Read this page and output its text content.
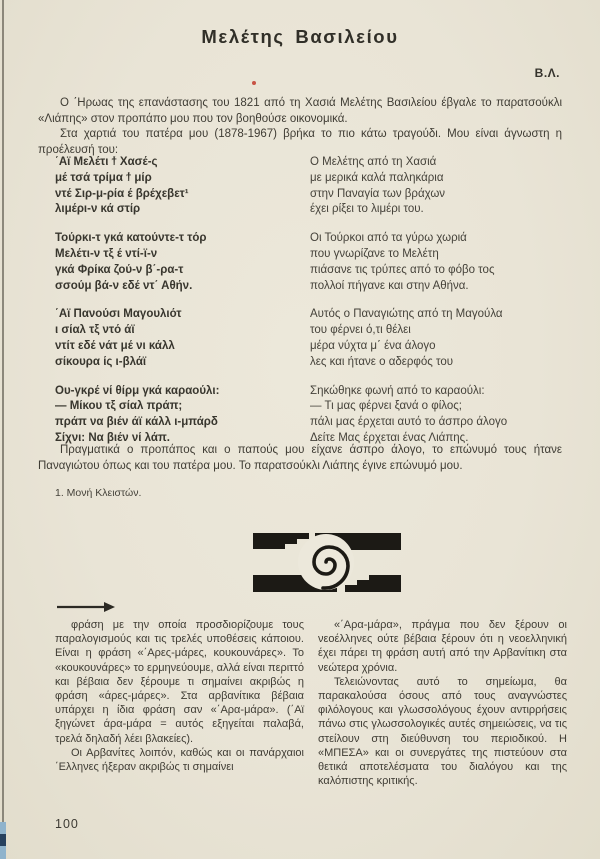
Μελέτης Βασιλείου
Β.Λ.

Ο ΄Ηρωας της επανάστασης του 1821 από τη Χασιά Μελέτης Βασιλείου έβγαλε το παρατσούκλι «Λιάπης» στον προπάπο μου που τον βοηθούσε οικονομικά.

Στα χαρτιά του πατέρα μου (1878-1967) βρήκα το πιο κάτω τραγούδι. Μου είναι άγνωστη η προέλευσή του:

΄Αϊ Μελέτι ϯ Χασέ-ς
μέ τσά τρίμα ϯ μίρ
ντέ Σιρ-μ-ρία έ βρέχεβετ¹
λιμέρι-ν κά στίρ
Τούρκι-τ γκά κατούντε-τ τόρ
Μελέτι-ν τξ έ ντί-ϊ-ν
γκά Φρίκα ζού-ν β΄-ρα-τ
σσούμ βά-ν εδέ ντ΄ Αθήν.
΄Αϊ Πανούσι Μαγουλιότ
ι σίαλ τξ ντό άϊ
ντίτ εδέ νάτ μέ νι κάλλ
σίκουρα ίς ι-βλάϊ
Ου-γκρέ νί θίρμ γκά καραούλι:
— Μίκου τξ σίαλ πράπ;
πράπ να βιέν άϊ κάλλ ι-μπάρδ
Σίχνι: Να βιέν νί λάπ.
Ο Μελέτης από τη Χασιά
με μερικά καλά παληκάρια
στην Παναγία των βράχων
έχει ρίξει το λιμέρι του.
Οι Τούρκοι από τα γύρω χωριά
που γνωρίζανε το Μελέτη
πιάσανε τις τρύπες από το φόβο τος
πολλοί πήγανε και στην Αθήνα.
Αυτός ο Παναγιώτης από τη Μαγούλα
του φέρνει ό,τι θέλει
μέρα νύχτα μ΄ ένα άλογο
λες και ήτανε ο αδερφός του
Σηκώθηκε φωνή από το καραούλι:
— Τι μας φέρνει ξανά ο φίλος;
πάλι μας έρχεται αυτό το άσπρο άλογο
Δείτε Μας έρχεται ένας Λιάπης.

Πραγματικά ο προπάπος και ο παπούς μου είχανε άσπρο άλογο, το επώνυμό τους ήτανε Παναγιώτου όπως και του πατέρα μου. Το παρατσούκλι Λιάπης έγινε επώνυμό μου.

1. Μονή Κλειστών.

φράση με την οποία προσδιορίζουμε τους παραλογισμούς και τις τρελές υποθέσεις κάποιου. Είναι η φράση «΄Αρες-μάρες, κουκουνάρες». Το «κουκουνάρες» το ερμηνεύουμε, αλλά είναι περιττό και βέβαια δεν ξέρουμε τι σημαίνει ακριβώς η φράση «άρες-μάρες». Στα αρβανίτικα βέβαια υπάρχει η ίδια φράση σαν «΄Αρα-μάρα». (΄Αϊ ξηγώνετ άρα-μάρα = αυτός εξηγείται παλαβά, τρελά δηλαδή λέει βλακείες).

Οι Αρβανίτες λοιπόν, καθώς και οι πανάρχαιοι ΄Ελληνες ήξεραν ακριβώς τι σημαίνει

«΄Αρα-μάρα», πράγμα που δεν ξέρουν οι νεοέλληνες ούτε βέβαια ξέρουν ότι η νεοελληνική έχει πάρει τη φράση αυτή από την Αρβανίτικη στα νεώτερα χρόνια.

Τελειώνοντας αυτό το σημείωμα, θα παρακαλούσα όσους από τους αναγνώστες φιλόλογους και γλωσσολόγους έχουν αντιρρήσεις πάνω στις γλωσσολογικές αυτές σημειώσεις, να τις στείλουν στη διεύθυνση του περιοδικού. Η «ΜΠΕΣΑ» και οι συνεργάτες της πιστεύουν στα θετικά αποτελέσματα του διαλόγου και της καλόπιστης κριτικής.

100
